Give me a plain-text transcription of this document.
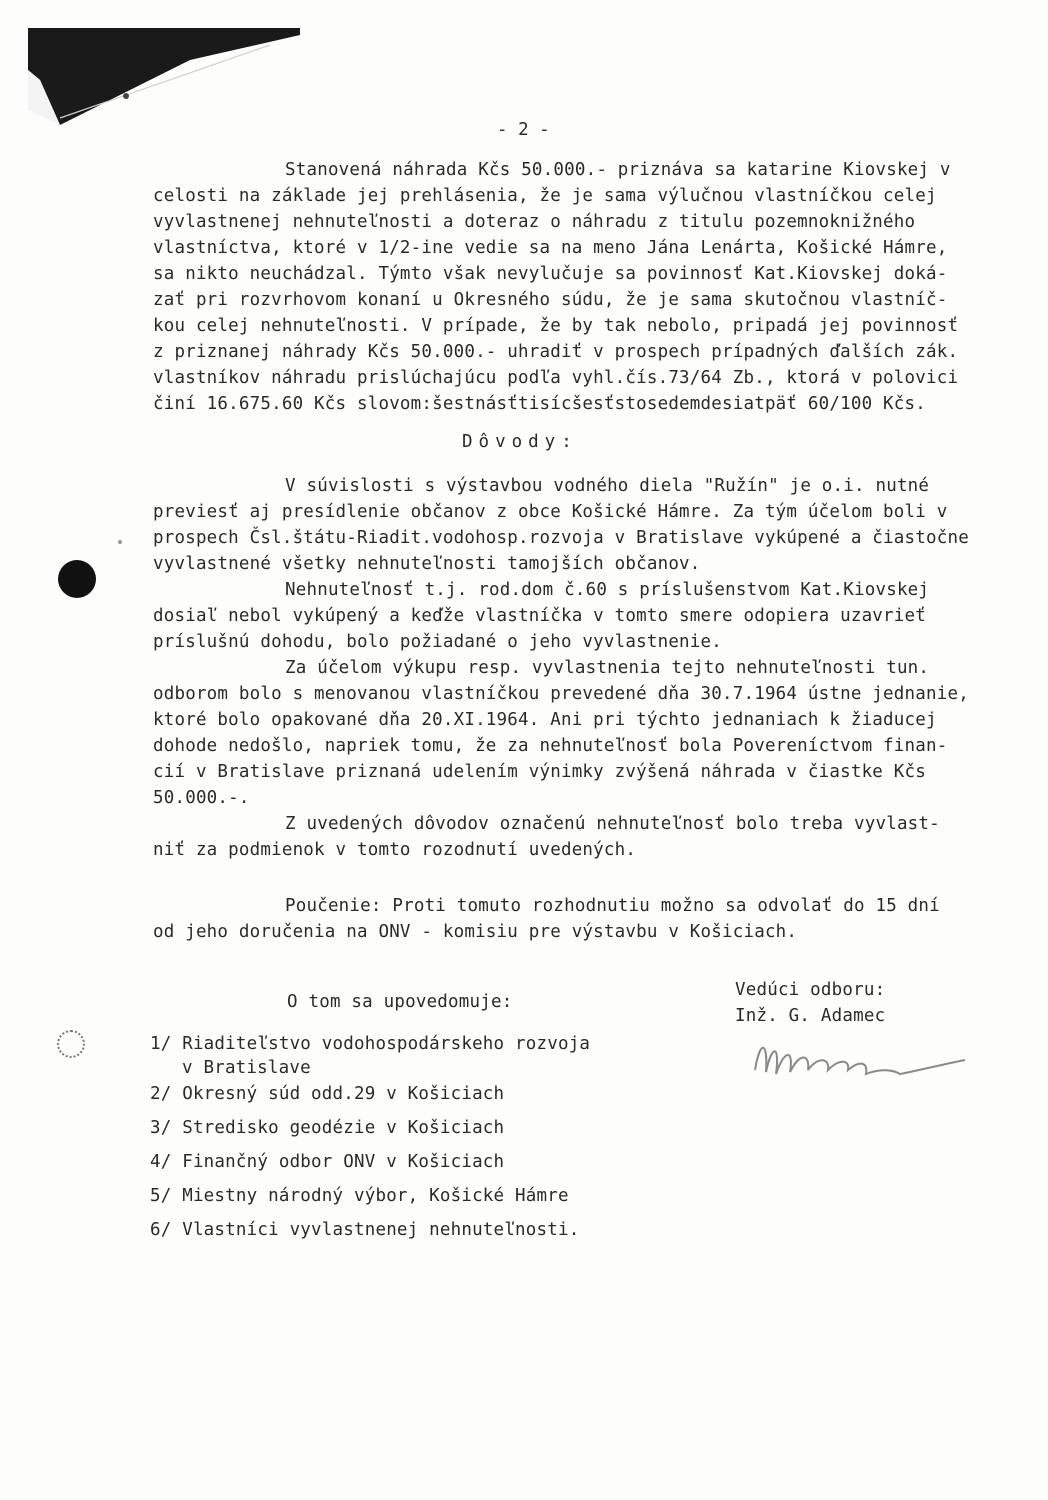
- 2 -
Stanovená náhrada Kčs 50.000.- priznáva sa katarine Kiovskej v
celosti na základe jej prehlásenia, že je sama výlučnou vlastníčkou celej
vyvlastnenej nehnuteľnosti a doteraz o náhradu z titulu pozemnoknižného
vlastníctva, ktoré v 1/2-ine vedie sa na meno Jána Lenárta, Košické Hámre,
sa nikto neuchádzal. Týmto však nevylučuje sa povinnosť Kat.Kiovskej doká-
zať pri rozvrhovom konaní u Okresného súdu, že je sama skutočnou vlastníč-
kou celej nehnuteľnosti. V prípade, že by tak nebolo, pripadá jej povinnosť
z priznanej náhrady Kčs 50.000.- uhradiť v prospech prípadných ďalších zák.
vlastníkov náhradu prislúchajúcu podľa vyhl.čís.73/64 Zb., ktorá v polovici
činí 16.675.60 Kčs slovom:šestnásťtisícšesťstosedemdesiatpäť 60/100 Kčs.
Dôvody:
V súvislosti s výstavbou vodného diela "Ružín" je o.i. nutné
previesť aj presídlenie občanov z obce Košické Hámre. Za tým účelom boli v
prospech Čsl.štátu-Riadit.vodohosp.rozvoja v Bratislave vykúpené a čiastočne
vyvlastnené všetky nehnuteľnosti tamojších občanov.
Nehnuteľnosť t.j. rod.dom č.60 s príslušenstvom Kat.Kiovskej
dosiaľ nebol vykúpený a keďže vlastníčka v tomto smere odopiera uzavrieť
príslušnú dohodu, bolo požiadané o jeho vyvlastnenie.
Za účelom výkupu resp. vyvlastnenia tejto nehnuteľnosti tun.
odborom bolo s menovanou vlastníčkou prevedené dňa 30.7.1964 ústne jednanie,
ktoré bolo opakované dňa 20.XI.1964. Ani pri týchto jednaniach k žiaducej
dohode nedošlo, napriek tomu, že za nehnuteľnosť bola Povereníctvom finan-
cií v Bratislave priznaná udelením výnimky zvýšená náhrada v čiastke Kčs
50.000.-.
Z uvedených dôvodov označenú nehnuteľnosť bolo treba vyvlast-
niť za podmienok v tomto rozodnutí uvedených.
Poučenie: Proti tomuto rozhodnutiu možno sa odvolať do 15 dní
od jeho doručenia na ONV - komisiu pre výstavbu v Košiciach.
Vedúci odboru:
Inž. G. Adamec
O tom sa upovedomuje:
1/ Riaditeľstvo vodohospodárskeho rozvoja
v Bratislave
2/ Okresný súd odd.29 v Košiciach
3/ Stredisko geodézie v Košiciach
4/ Finančný odbor ONV v Košiciach
5/ Miestny národný výbor, Košické Hámre
6/ Vlastníci vyvlastnenej nehnuteľnosti.
